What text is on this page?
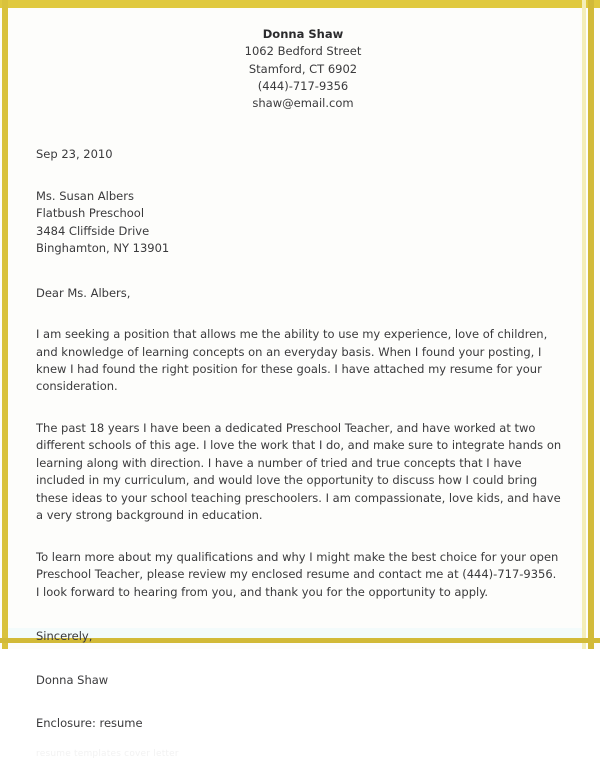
Donna Shaw
1062 Bedford Street
Stamford, CT 6902
(444)-717-9356
shaw@email.com
Sep 23, 2010
Ms. Susan Albers
Flatbush Preschool
3484 Cliffside Drive
Binghamton, NY 13901
Dear Ms. Albers,
I am seeking a position that allows me the ability to use my experience, love of children, and knowledge of learning concepts on an everyday basis. When I found your posting, I knew I had found the right position for these goals. I have attached my resume for your consideration.
The past 18 years I have been a dedicated Preschool Teacher, and have worked at two different schools of this age. I love the work that I do, and make sure to integrate hands on learning along with direction. I have a number of tried and true concepts that I have included in my curriculum, and would love the opportunity to discuss how I could bring these ideas to your school teaching preschoolers. I am compassionate, love kids, and have a very strong background in education.
To learn more about my qualifications and why I might make the best choice for your open Preschool Teacher, please review my enclosed resume and contact me at (444)-717-9356. I look forward to hearing from you, and thank you for the opportunity to apply.
Sincerely,
Donna Shaw
Enclosure: resume
resume templates cover letter
